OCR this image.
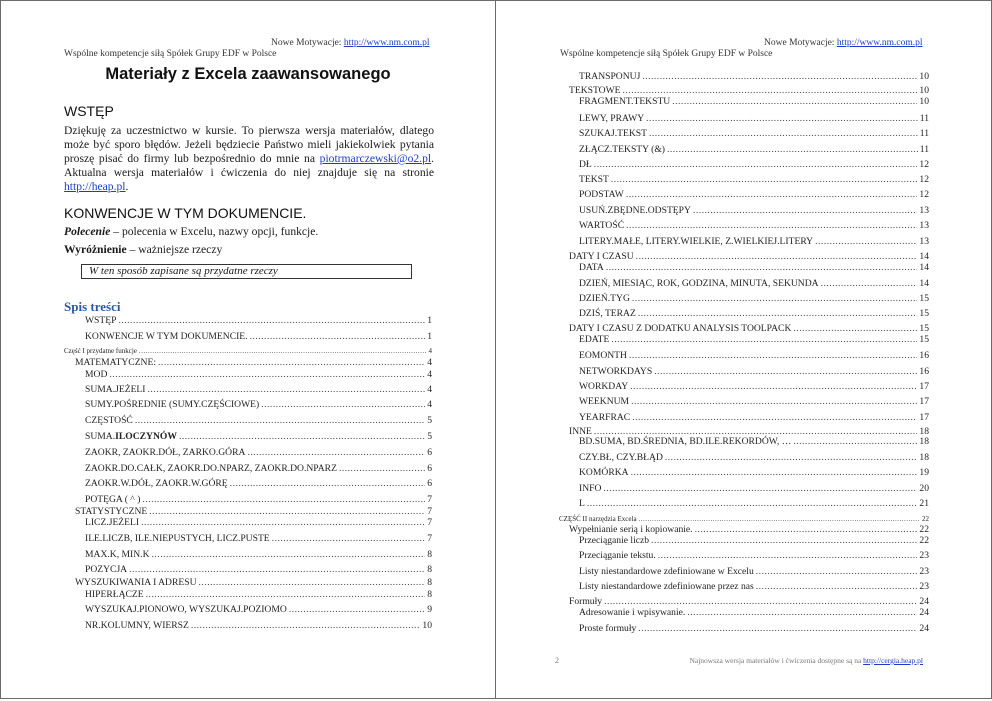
Nowe Motywacje: http://www.nm.com.pl
Wspólne kompetencje siłą Spółek Grupy EDF w Polsce
Materiały z Excela zaawansowanego
WSTĘP
Dziękuję za uczestnictwo w kursie. To pierwsza wersja materiałów, dlatego może być sporo błędów. Jeżeli będziecie Państwo mieli jakiekolwiek pytania proszę pisać do firmy lub bezpośrednio do mnie na piotrmarczewski@o2.pl. Aktualna wersja materiałów i ćwiczenia do niej znajduje się na stronie http://heap.pl.
KONWENCJE W TYM DOKUMENCIE.
Polecenie – polecenia w Excelu, nazwy opcji, funkcje.
Wyróżnienie – ważniejsze rzeczy
W ten sposób zapisane są przydatne rzeczy
Spis treści
WSTĘP .....	1
KONWENCJE W TYM DOKUMENCIE. .....	1
Część I przydatne funkcje .....	4
MATEMATYCZNE: .....	4
MOD .....	4
SUMA.JEŻELI .....	4
SUMY.POŚREDNIE (SUMY.CZĘŚCIOWE) .....	4
CZĘSTOŚĆ .....	5
SUMA.ILOCZYNÓW .....	5
ZAOKR, ZAOKR.DÓŁ, ZARKO.GÓRA .....	6
ZAOKR.DO.CAŁK, ZAOKR.DO.NPARZ, ZAOKR.DO.NPARZ .....	6
ZAOKR.W.DÓŁ, ZAOKR.W.GÓRĘ .....	6
POTĘGA ( ^ ) .....	7
STATYSTYCZNE .....	7
LICZ.JEŻELI .....	7
ILE.LICZB, ILE.NIEPUSTYCH, LICZ.PUSTE .....	7
MAX.K, MIN.K .....	8
POZYCJA .....	8
WYSZUKIWANIA I ADRESU .....	8
HIPERŁĄCZE .....	8
WYSZUKAJ.PIONOWO, WYSZUKAJ.POZIOMO .....	9
NR.KOLUMNY, WIERSZ .....	10
Nowe Motywacje: http://www.nm.com.pl
Wspólne kompetencje siłą Spółek Grupy EDF w Polsce
TRANSPONUJ .....	10
TEKSTOWE .....	10
FRAGMENT.TEKSTU .....	10
LEWY, PRAWY .....	11
SZUKAJ.TEKST .....	11
ZŁĄCZ.TEKSTY (&) .....	11
DŁ .....	12
TEKST .....	12
PODSTAW .....	12
USUŃ.ZBĘDNE.ODSTĘPY .....	13
WARTOŚĆ .....	13
LITERY.MAŁE, LITERY.WIELKIE, Z.WIELKIEJ.LITERY .....	13
DATY I CZASU .....	14
DATA .....	14
DZIEŃ, MIESIĄC, ROK, GODZINA, MINUTA, SEKUNDA .....	14
DZIEŃ.TYG .....	15
DZIŚ, TERAZ .....	15
DATY I CZASU Z DODATKU ANALYSIS TOOLPACK .....	15
EDATE .....	15
EOMONTH .....	16
NETWORKDAYS .....	16
WORKDAY .....	17
WEEKNUM .....	17
YEARFRAC .....	17
INNE .....	18
BD.SUMA, BD.ŚREDNIA, BD.ILE.REKORDÓW, … .....	18
CZY.BŁ, CZY.BŁĄD .....	18
KOMÓRKA .....	19
INFO .....	20
L .....	21
CZĘŚĆ II narzędzia Excela .....	22
Wypełnianie serią i kopiowanie. .....	22
Przeciąganie liczb .....	22
Przeciąganie tekstu. .....	23
Listy niestandardowe zdefiniowane w Excelu .....	23
Listy niestandardowe zdefiniowane przez nas .....	23
Formuły .....	24
Adresowanie i wpisywanie. .....	24
Proste formuły .....	24
2	Najnowsza wersja materiałów i ćwiczenia dostępne są na http://cergia.heap.pl
